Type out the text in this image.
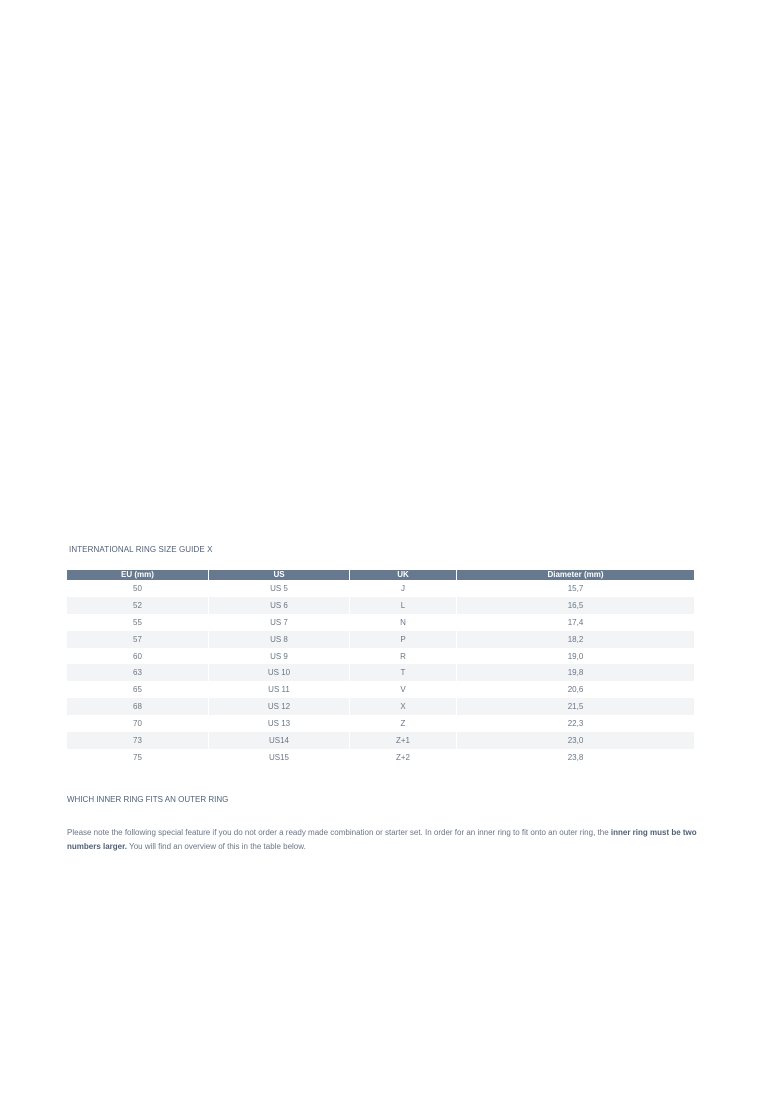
INTERNATIONAL RING SIZE GUIDE X
EU (mm)	US	UK	Diameter (mm)
50	US 5	J	15,7
52	US 6	L	16,5
55	US 7	N	17,4
57	US 8	P	18,2
60	US 9	R	19,0
63	US 10	T	19,8
65	US 11	V	20,6
68	US 12	X	21,5
70	US 13	Z	22,3
73	US14	Z+1	23,0
75	US15	Z+2	23,8
WHICH INNER RING FITS AN OUTER RING

Please note the following special feature if you do not order a ready made combination or starter set. In order for an inner ring to fit onto an outer ring, the inner ring must be two numbers larger. You will find an overview of this in the table below.
